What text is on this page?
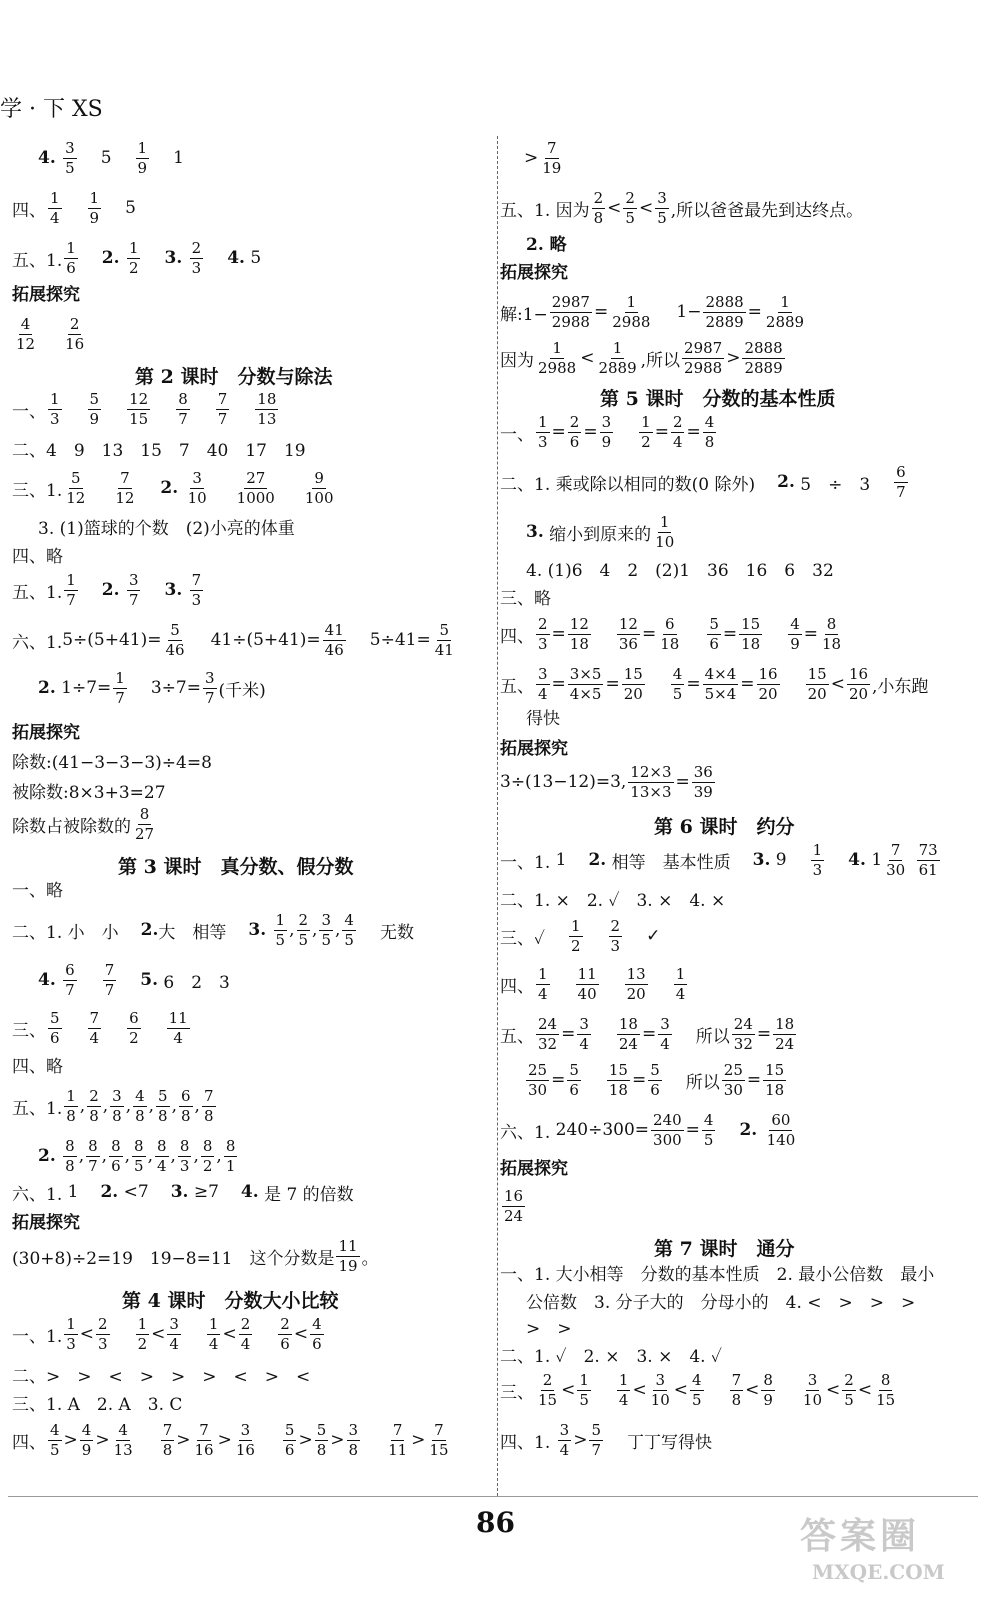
学 · 下 XS
4.
$\frac{3}{5} 5 \frac{1}{9} 1$
四、 $\frac{1}{4} \frac{1}{9} 5$
五、1. $\frac{1}{6} 2$.
$\frac{1}{2} 3$.
$\frac{2}{3} 4$.
5
拓展探究
$\frac{4}{12} \frac{2}{16}$
第 2 课时　分数与除法
一、 $\frac{1}{3} \frac{5}{9} \frac{12}{15} \frac{8}{7} \frac{7}{7} \frac{18}{13}$
二、4　9　13　15　7　40　17　19
三、1. $\frac{5}{12} \frac{7}{12} 2$.
$\frac{3}{10} \frac{27}{1000} \frac{9}{100}$
3. (1)篮球的个数　(2)小亮的体重
四、略
五、1. $\frac{1}{7} 2$.
$\frac{3}{7} 3$.
$\frac{7}{3}$
六、1. $5\div(5+41)= \frac{5}{46} 41\div(5+41)= \frac{41}{46} 5\div 41= \frac{5}{41}$
2.
$1\div 7= \frac{1}{7} 3\div 7= \frac{3}{7}$ (千米)
拓展探究
除数:(41−3−3−3)÷4=8
被除数:8×3+3=27
除数占被除数的 $\frac{8}{27}$
第 3 课时　真分数、假分数
一、略
二、1.
小　小 2. 大　相等 3.
$\frac{1}{5}$ , $\frac{2}{5}$ , $\frac{3}{5}$ , $\frac{4}{5}$ 无数
4.
$\frac{6}{7} \frac{7}{7} 5$.
6　2　3
三、 $\frac{5}{6} \frac{7}{4} \frac{6}{2} \frac{11}{4}$
四、略
五、1. $\frac{1}{8}$ , $\frac{2}{8}$ , $\frac{3}{8}$ , $\frac{4}{8}$ , $\frac{5}{8}$ , $\frac{6}{8}$ , $\frac{7}{8}$
2.
$\frac{8}{8}$ , $\frac{8}{7}$ , $\frac{8}{6}$ , $\frac{8}{5}$ , $\frac{8}{4}$ , $\frac{8}{3}$ , $\frac{8}{2}$ , $\frac{8}{1}$
六、1.
1 2.
<7 3.
≥7 4.
是 7 的倍数
拓展探究
(30+8)÷2=19　19−8=11　这个分数是 $\frac{11}{19}$ 。
第 4 课时　分数大小比较
一、1. $\frac{1}{3} < \frac{2}{3} \frac{1}{2} < \frac{3}{4} \frac{1}{4} < \frac{2}{4} \frac{2}{6} < \frac{4}{6}$
二、>　>　<　>　>　>　<　>　<
三、1. A　2. A　3. C
四、 $\frac{4}{5} > \frac{4}{9} > \frac{4}{13} \frac{7}{8} > \frac{7}{16} > \frac{3}{16} \frac{5}{6} > \frac{5}{8} > \frac{3}{8} \frac{7}{11} > \frac{7}{15}$
> $\frac{7}{19}$
五、1. 因为 $\frac{2}{8} < \frac{2}{5} < \frac{3}{5}$ ,所以爸爸最先到达终点。
2. 略
拓展探究
解:1− $\frac{2987}{2988} = \frac{1}{2988} 1- \frac{2888}{2889} = \frac{1}{2889}$
因为 $\frac{1}{2988} < \frac{1}{2889}$ ,所以 $\frac{2987}{2988} > \frac{2888}{2889}$
第 5 课时　分数的基本性质
一、 $\frac{1}{3} = \frac{2}{6} = \frac{3}{9} \frac{1}{2} = \frac{2}{4} = \frac{4}{8}$
二、1.
乘或除以相同的数(0 除外) 2.
5　÷　$3 \frac{6}{7}$
3.
缩小到原来的 $\frac{1}{10}$
4. (1)6　4　2　(2)1　36　16　6　32
三、略
四、 $\frac{2}{3} = \frac{12}{18} \frac{12}{36} = \frac{6}{18} \frac{5}{6} = \frac{15}{18} \frac{4}{9} = \frac{8}{18}$
五、 $\frac{3}{4} = \frac{3\times 5}{4\times 5} = \frac{15}{20} \frac{4}{5} = \frac{4\times 4}{5\times 4} = \frac{16}{20} \frac{15}{20} < \frac{16}{20}$ ,小东跑
得快
拓展探究
3÷(13−12)=3, $\frac{12\times 3}{13\times 3} = \frac{36}{39}$
第 6 课时　约分
一、1.
1 2.
相等　基本性质 3.
$9 \frac{1}{3} 4$.
$1 \frac{7}{30}$
$\frac{73}{61}$
二、1. ×　2. ✓　3. ×　4. ×
三、✓ $\frac{1}{2} \frac{2}{3}$ ✓
四、 $\frac{1}{4} \frac{11}{40} \frac{13}{20} \frac{1}{4}$
五、 $\frac{24}{32} = \frac{3}{4} \frac{18}{24} = \frac{3}{4}$ 所以 $\frac{24}{32} = \frac{18}{24}$
$\frac{25}{30} = \frac{5}{6} \frac{15}{18} = \frac{5}{6}$ 所以 $\frac{25}{30} = \frac{15}{18}$
六、1.
$240\div 300= \frac{240}{300} = \frac{4}{5} 2$.
$\frac{60}{140}$
拓展探究
$\frac{16}{24}$
第 7 课时　通分
一、1. 大小相等　分数的基本性质　2. 最小公倍数　最小
公倍数　3. 分子大的　分母小的　4. <　>　>　>
>　>
二、1. ✓　2. ×　3. ×　4. ✓
三、 $\frac{2}{15} < \frac{1}{5} \frac{1}{4} < \frac{3}{10} < \frac{4}{5} \frac{7}{8} < \frac{8}{9} \frac{3}{10} < \frac{2}{5} < \frac{8}{15}$
四、1.
$\frac{3}{4} > \frac{5}{7}$ 丁丁写得快
86	答案圈
MXQE.COM
